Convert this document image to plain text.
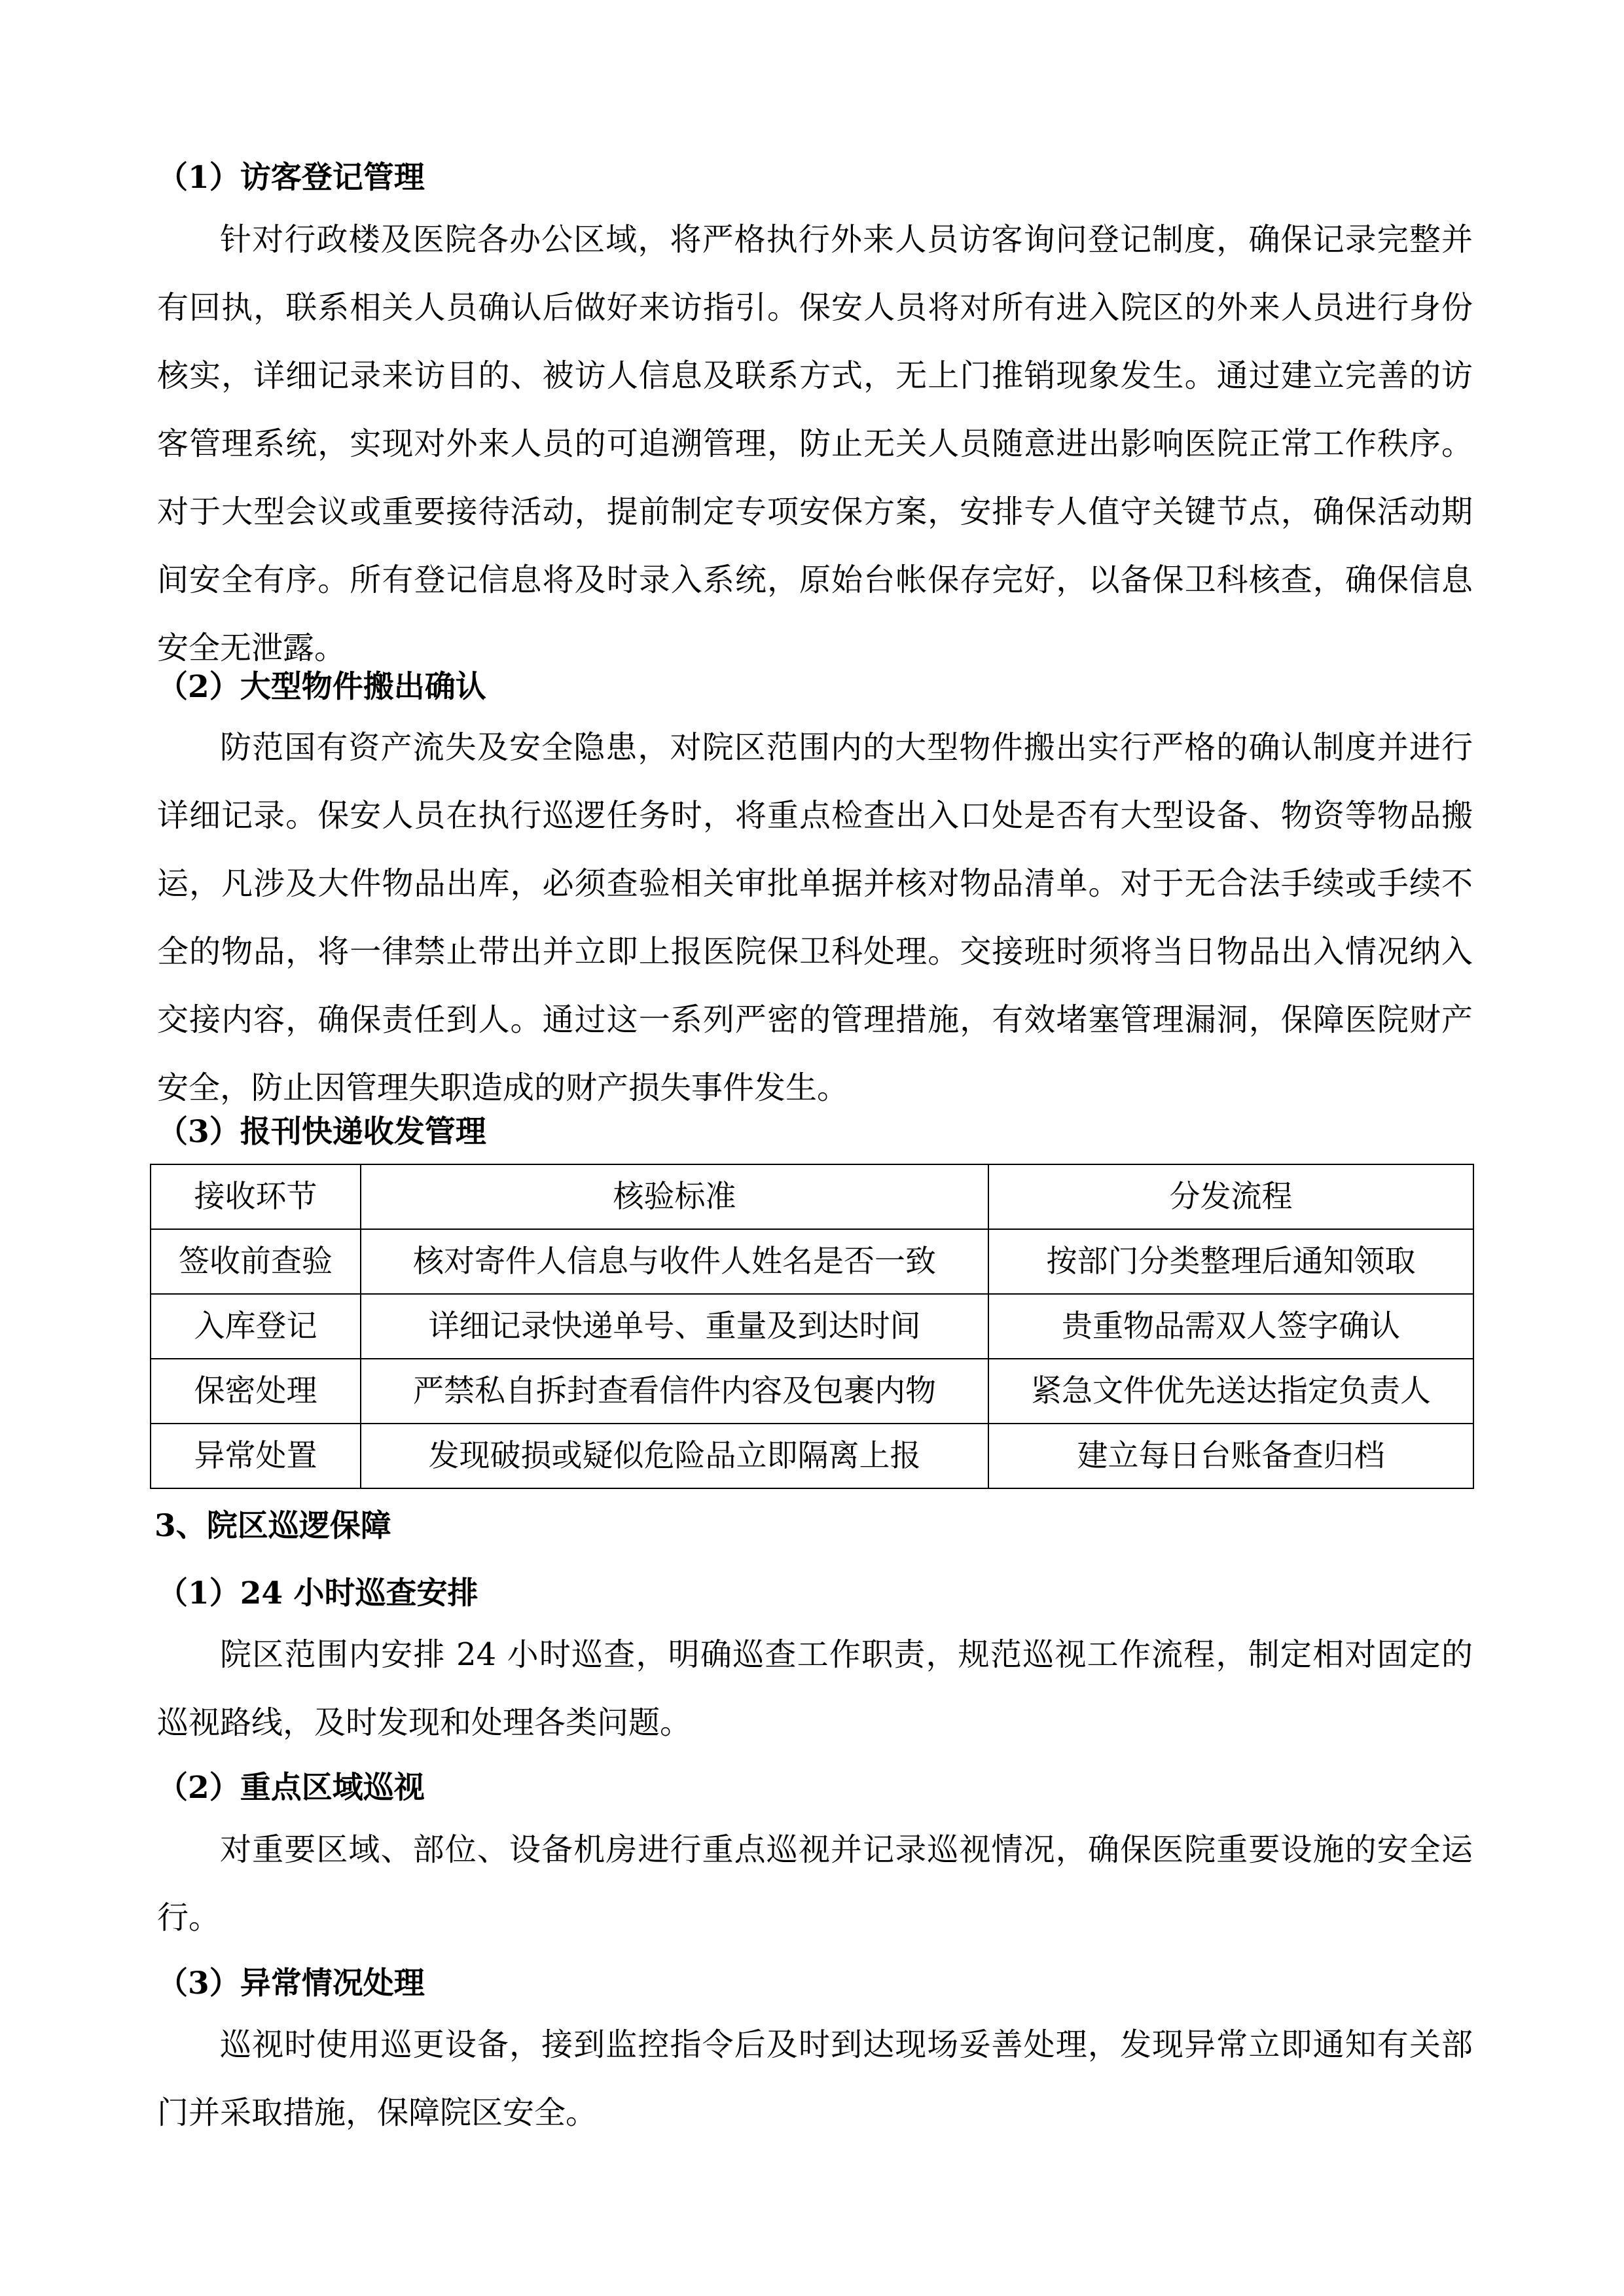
（1）访客登记管理

针对行政楼及医院各办公区域，将严格执行外来人员访客询问登记制度，确保记录完整并有回执，联系相关人员确认后做好来访指引。保安人员将对所有进入院区的外来人员进行身份核实，详细记录来访目的、被访人信息及联系方式，无上门推销现象发生。通过建立完善的访客管理系统，实现对外来人员的可追溯管理，防止无关人员随意进出影响医院正常工作秩序。对于大型会议或重要接待活动，提前制定专项安保方案，安排专人值守关键节点，确保活动期间安全有序。所有登记信息将及时录入系统，原始台帐保存完好，以备保卫科核查，确保信息安全无泄露。

（2）大型物件搬出确认

防范国有资产流失及安全隐患，对院区范围内的大型物件搬出实行严格的确认制度并进行详细记录。保安人员在执行巡逻任务时，将重点检查出入口处是否有大型设备、物资等物品搬运，凡涉及大件物品出库，必须查验相关审批单据并核对物品清单。对于无合法手续或手续不全的物品，将一律禁止带出并立即上报医院保卫科处理。交接班时须将当日物品出入情况纳入交接内容，确保责任到人。通过这一系列严密的管理措施，有效堵塞管理漏洞，保障医院财产安全，防止因管理失职造成的财产损失事件发生。

（3）报刊快递收发管理
接收环节	核验标准	分发流程
签收前查验	核对寄件人信息与收件人姓名是否一致	按部门分类整理后通知领取
入库登记	详细记录快递单号、重量及到达时间	贵重物品需双人签字确认
保密处理	严禁私自拆封查看信件内容及包裹内物	紧急文件优先送达指定负责人
异常处置	发现破损或疑似危险品立即隔离上报	建立每日台账备查归档
3、院区巡逻保障
（1）24 小时巡查安排

院区范围内安排 24 小时巡查，明确巡查工作职责，规范巡视工作流程，制定相对固定的巡视路线，及时发现和处理各类问题。

（2）重点区域巡视

对重要区域、部位、设备机房进行重点巡视并记录巡视情况，确保医院重要设施的安全运行。

（3）异常情况处理

巡视时使用巡更设备，接到监控指令后及时到达现场妥善处理，发现异常立即通知有关部门并采取措施，保障院区安全。
